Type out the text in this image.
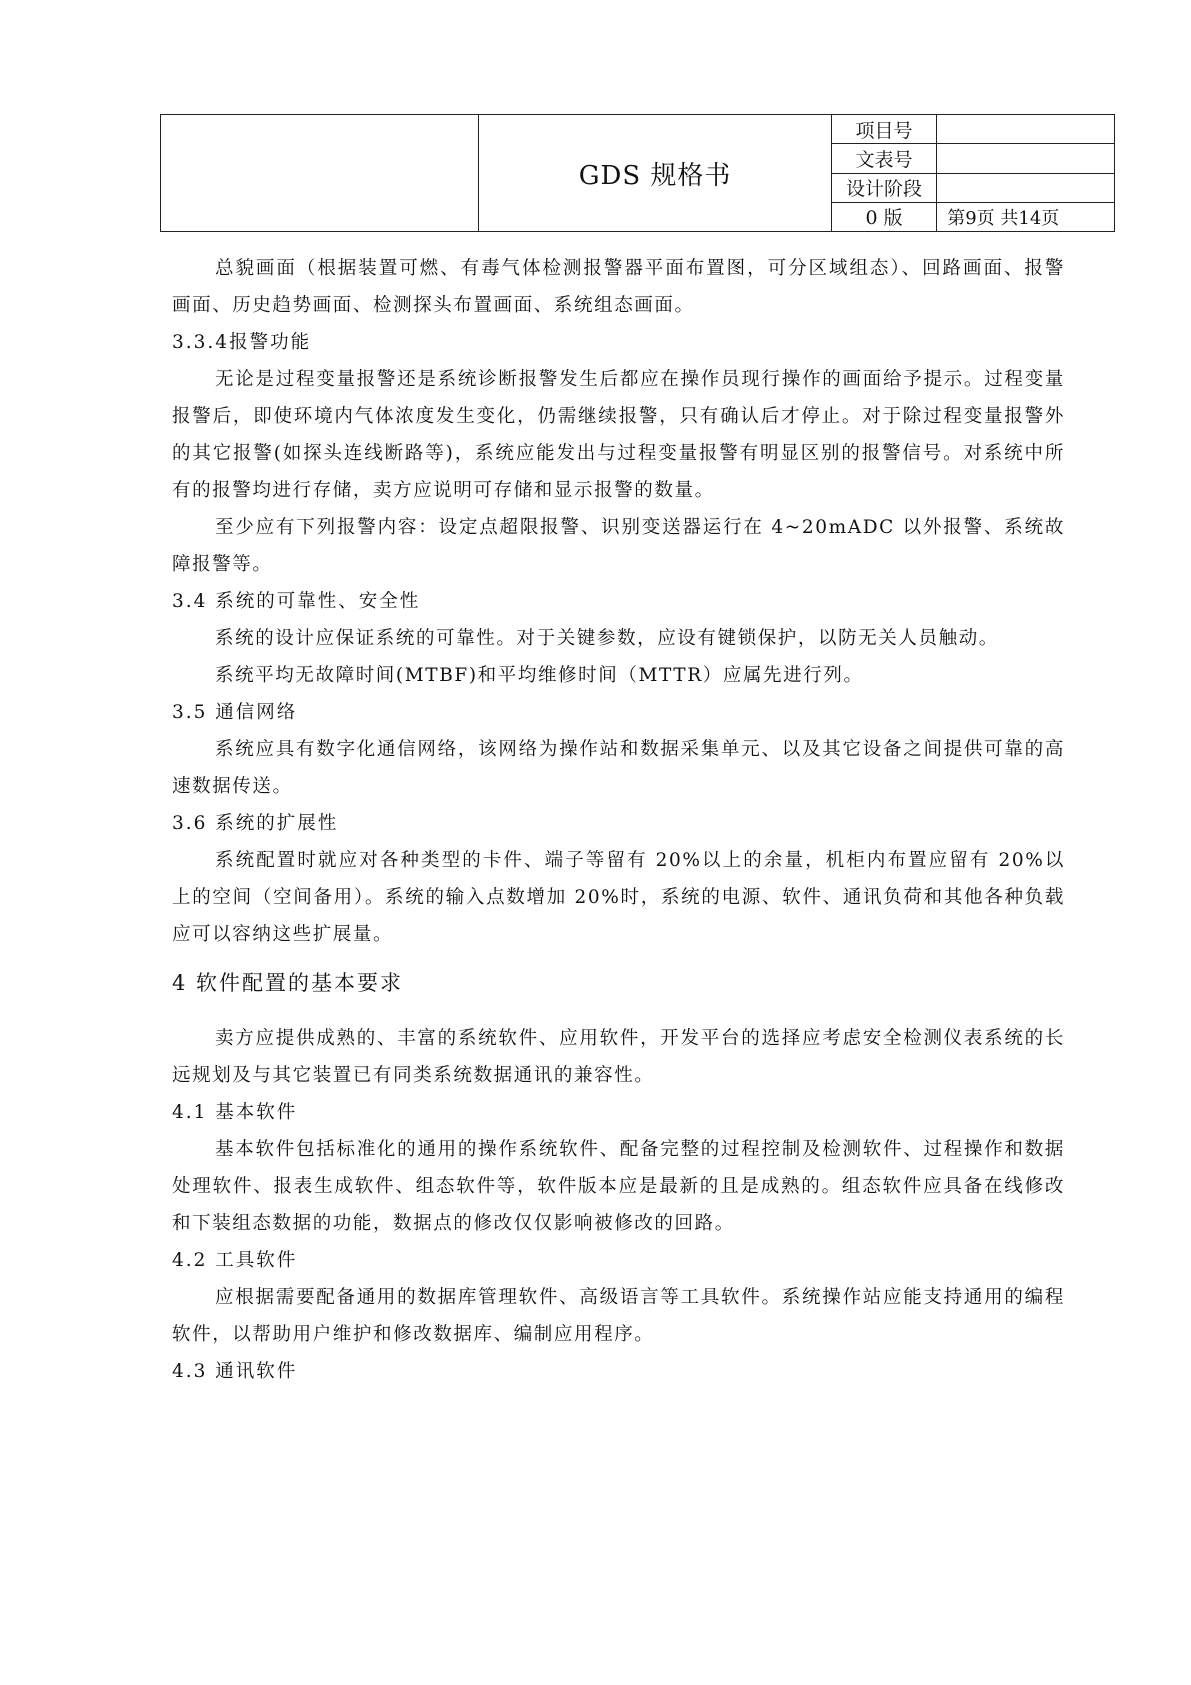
	GDS 规格书	项目号	
		文表号	
		设计阶段	
		0 版	第9页 共14页

总貌画面（根据装置可燃、有毒气体检测报警器平面布置图，可分区域组态）、回路画面、报警画面、历史趋势画面、检测探头布置画面、系统组态画面。

3.3.4报警功能

无论是过程变量报警还是系统诊断报警发生后都应在操作员现行操作的画面给予提示。过程变量报警后，即使环境内气体浓度发生变化，仍需继续报警，只有确认后才停止。对于除过程变量报警外的其它报警(如探头连线断路等)，系统应能发出与过程变量报警有明显区别的报警信号。对系统中所有的报警均进行存储，卖方应说明可存储和显示报警的数量。

至少应有下列报警内容：设定点超限报警、识别变送器运行在 4~20mADC 以外报警、系统故障报警等。

3.4 系统的可靠性、安全性

系统的设计应保证系统的可靠性。对于关键参数，应设有键锁保护，以防无关人员触动。

系统平均无故障时间(MTBF)和平均维修时间（MTTR）应属先进行列。

3.5 通信网络

系统应具有数字化通信网络，该网络为操作站和数据采集单元、以及其它设备之间提供可靠的高速数据传送。

3.6 系统的扩展性

系统配置时就应对各种类型的卡件、端子等留有 20%以上的余量，机柜内布置应留有 20%以上的空间（空间备用）。系统的输入点数增加 20%时，系统的电源、软件、通讯负荷和其他各种负载应可以容纳这些扩展量。

4 软件配置的基本要求

卖方应提供成熟的、丰富的系统软件、应用软件，开发平台的选择应考虑安全检测仪表系统的长远规划及与其它装置已有同类系统数据通讯的兼容性。

4.1 基本软件

基本软件包括标准化的通用的操作系统软件、配备完整的过程控制及检测软件、过程操作和数据处理软件、报表生成软件、组态软件等，软件版本应是最新的且是成熟的。组态软件应具备在线修改和下装组态数据的功能，数据点的修改仅仅影响被修改的回路。

4.2 工具软件

应根据需要配备通用的数据库管理软件、高级语言等工具软件。系统操作站应能支持通用的编程软件，以帮助用户维护和修改数据库、编制应用程序。

4.3 通讯软件
